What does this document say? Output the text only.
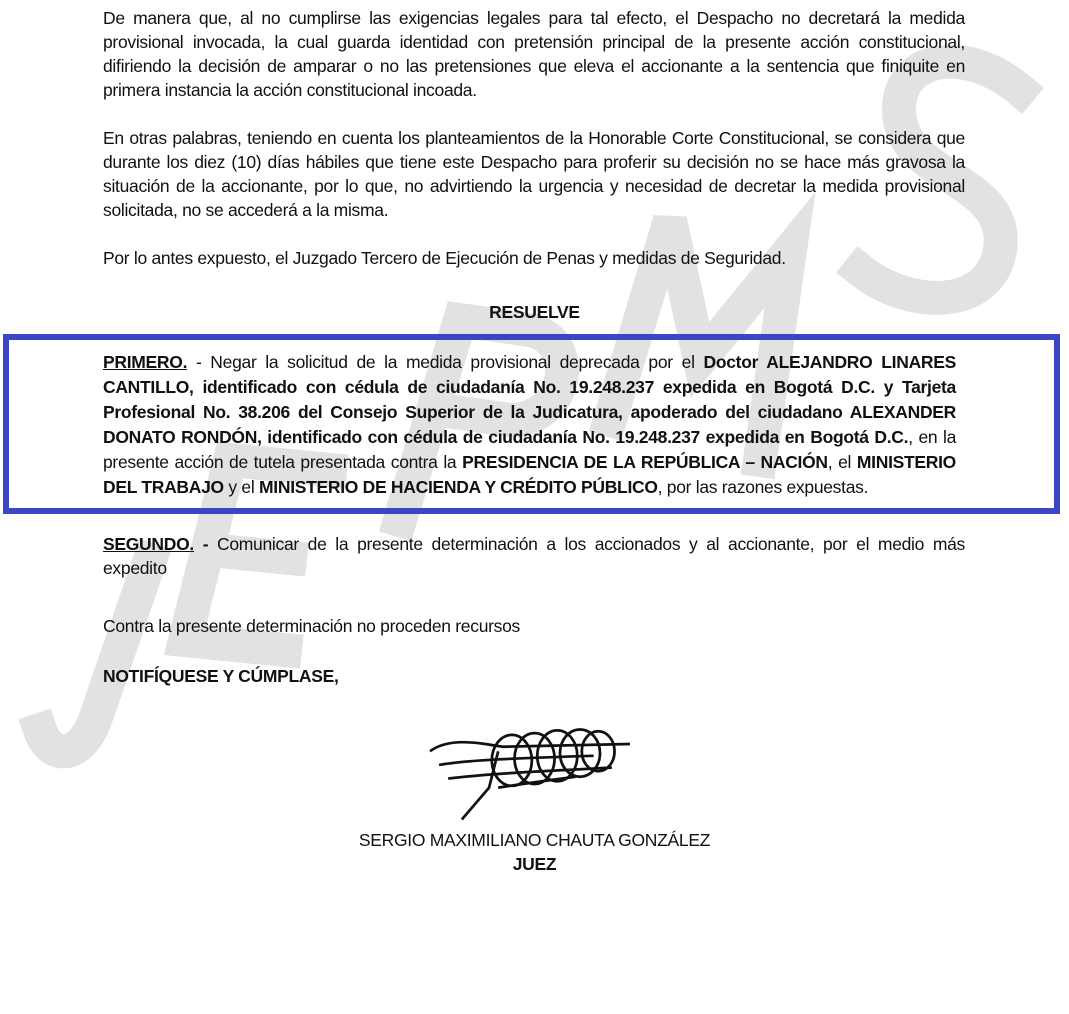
De manera que, al no cumplirse las exigencias legales para tal efecto, el Despacho no decretará la medida provisional invocada, la cual guarda identidad con pretensión principal de la presente acción constitucional, difiriendo la decisión de amparar o no las pretensiones que eleva el accionante a la sentencia que finiquite en primera instancia la acción constitucional incoada.

En otras palabras, teniendo en cuenta los planteamientos de la Honorable Corte Constitucional, se considera que durante los diez (10) días hábiles que tiene este Despacho para proferir su decisión no se hace más gravosa la situación de la accionante, por lo que, no advirtiendo la urgencia y necesidad de decretar la medida provisional solicitada, no se accederá a la misma.

Por lo antes expuesto, el Juzgado Tercero de Ejecución de Penas y medidas de Seguridad.

RESUELVE

PRIMERO. - Negar la solicitud de la medida provisional deprecada por el Doctor ALEJANDRO LINARES CANTILLO, identificado con cédula de ciudadanía No. 19.248.237 expedida en Bogotá D.C. y Tarjeta Profesional No. 38.206 del Consejo Superior de la Judicatura, apoderado del ciudadano ALEXANDER DONATO RONDÓN, identificado con cédula de ciudadanía No. 19.248.237 expedida en Bogotá D.C., en la presente acción de tutela presentada contra la PRESIDENCIA DE LA REPÚBLICA – NACIÓN, el MINISTERIO DEL TRABAJO y el MINISTERIO DE HACIENDA Y CRÉDITO PÚBLICO, por las razones expuestas.

SEGUNDO. - Comunicar de la presente determinación a los accionados y al accionante, por el medio más expedito

Contra la presente determinación no proceden recursos

NOTIFÍQUESE Y CÚMPLASE,

SERGIO MAXIMILIANO CHAUTA GONZÁLEZ
JUEZ
